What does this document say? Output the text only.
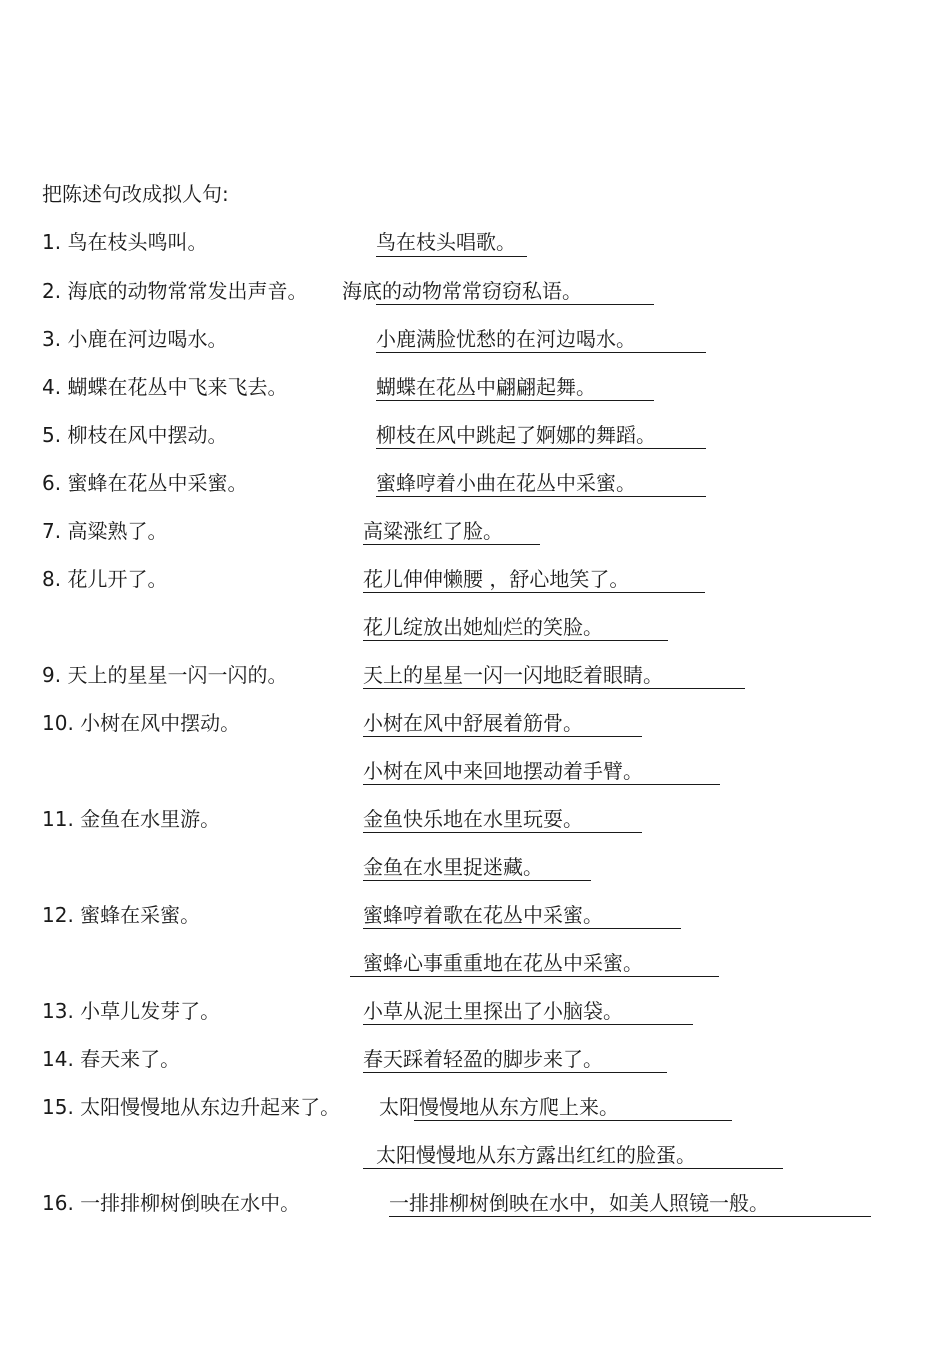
把陈述句改成拟人句:
1. 鸟在枝头鸣叫。	鸟在枝头唱歌。
2. 海底的动物常常发出声音。 海底的动物常常窃窃私语。
3. 小鹿在河边喝水。	小鹿满脸忧愁的在河边喝水。
4. 蝴蝶在花丛中飞来飞去。	蝴蝶在花丛中翩翩起舞。
5. 柳枝在风中摆动。	柳枝在风中跳起了婀娜的舞蹈。
6. 蜜蜂在花丛中采蜜。	蜜蜂哼着小曲在花丛中采蜜。
7. 高粱熟了。	高粱涨红了脸。
8. 花儿开了。	花儿伸伸懒腰 ，舒心地笑了。
花儿绽放出她灿烂的笑脸。
9. 天上的星星一闪一闪的。	天上的星星一闪一闪地眨着眼睛。
10. 小树在风中摆动。	小树在风中舒展着筋骨。
小树在风中来回地摆动着手臂。
11. 金鱼在水里游。	金鱼快乐地在水里玩耍。
金鱼在水里捉迷藏。
12. 蜜蜂在采蜜。	蜜蜂哼着歌在花丛中采蜜。
蜜蜂心事重重地在花丛中采蜜。
13. 小草儿发芽了。	小草从泥土里探出了小脑袋。
14. 春天来了。	春天踩着轻盈的脚步来了。
15. 太阳慢慢地从东边升起来了。 太阳慢慢地从东方爬上来。
太阳慢慢地从东方露出红红的脸蛋。
16. 一排排柳树倒映在水中。	一排排柳树倒映在水中，如美人照镜一般。
